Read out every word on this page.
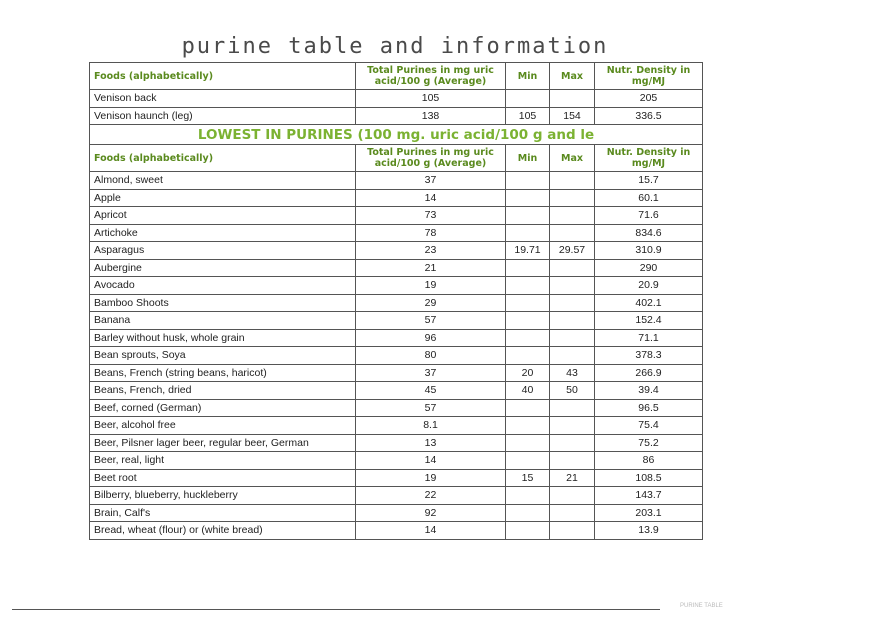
purine table and information
Foods (alphabetically)	Total Purines in mg uric acid/100 g (Average)	Min	Max	Nutr. Density in mg/MJ
Venison back	105			205
Venison haunch (leg)	138	105	154	336.5
LOWEST IN PURINES (100 mg. uric acid/100 g and le				
Foods (alphabetically)	Total Purines in mg uric acid/100 g (Average)	Min	Max	Nutr. Density in mg/MJ
Almond, sweet	37			15.7
Apple	14			60.1
Apricot	73			71.6
Artichoke	78			834.6
Asparagus	23	19.71	29.57	310.9
Aubergine	21			290
Avocado	19			20.9
Bamboo Shoots	29			402.1
Banana	57			152.4
Barley without husk, whole grain	96			71.1
Bean sprouts, Soya	80			378.3
Beans, French (string beans, haricot)	37	20	43	266.9
Beans, French, dried	45	40	50	39.4
Beef, corned (German)	57			96.5
Beer, alcohol free	8.1			75.4
Beer, Pilsner lager beer, regular beer, German	13			75.2
Beer, real, light	14			86
Beet root	19	15	21	108.5
Bilberry, blueberry, huckleberry	22			143.7
Brain, Calf's	92			203.1
Bread, wheat (flour) or (white bread)	14			13.9
PURINE TABLE
